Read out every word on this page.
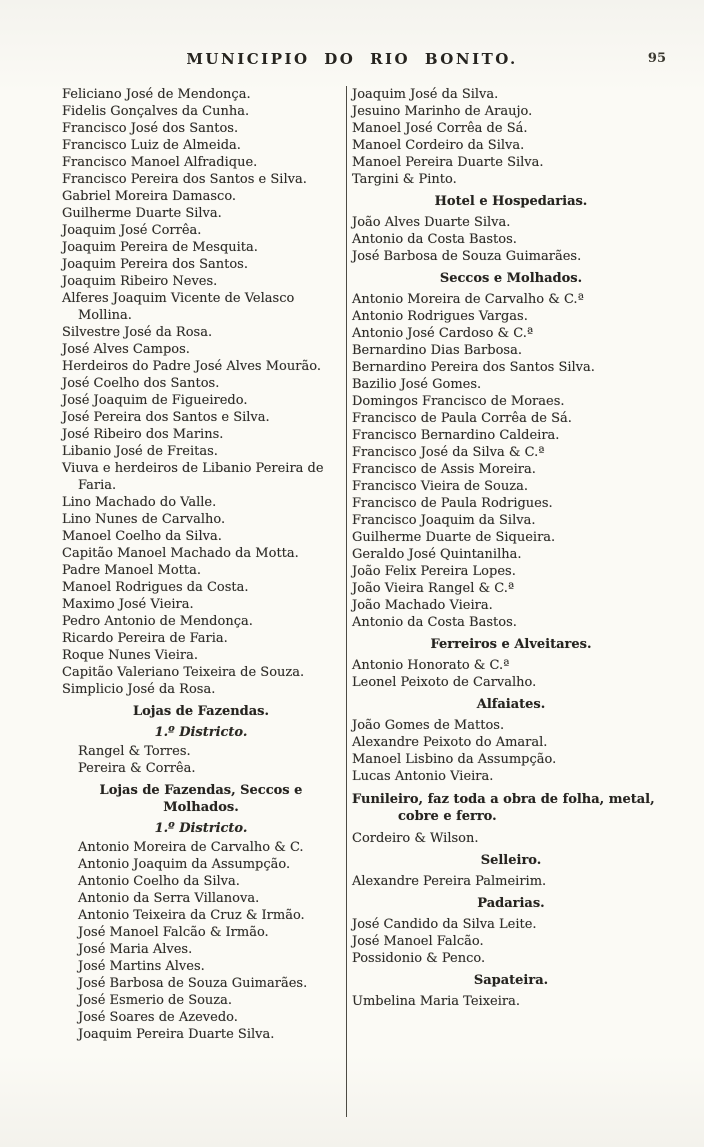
MUNICIPIO DO RIO BONITO.	95
Feliciano José de Mendonça.
Fidelis Gonçalves da Cunha.
Francisco José dos Santos.
Francisco Luiz de Almeida.
Francisco Manoel Alfradique.
Francisco Pereira dos Santos e Silva.
Gabriel Moreira Damasco.
Guilherme Duarte Silva.
Joaquim José Corrêa.
Joaquim Pereira de Mesquita.
Joaquim Pereira dos Santos.
Joaquim Ribeiro Neves.
Alferes Joaquim Vicente de Velasco Mollina.
Silvestre José da Rosa.
José Alves Campos.
Herdeiros do Padre José Alves Mourão.
José Coelho dos Santos.
José Joaquim de Figueiredo.
José Pereira dos Santos e Silva.
José Ribeiro dos Marins.
Libanio José de Freitas.
Viuva e herdeiros de Libanio Pereira de Faria.
Lino Machado do Valle.
Lino Nunes de Carvalho.
Manoel Coelho da Silva.
Capitão Manoel Machado da Motta.
Padre Manoel Motta.
Manoel Rodrigues da Costa.
Maximo José Vieira.
Pedro Antonio de Mendonça.
Ricardo Pereira de Faria.
Roque Nunes Vieira.
Capitão Valeriano Teixeira de Souza.
Simplicio José da Rosa.
Lojas de Fazendas.
1.º Districto.
Rangel & Torres.
Pereira & Corrêa.
Lojas de Fazendas, Seccos e Molhados.
1.º Districto.
Antonio Moreira de Carvalho & C.
Antonio Joaquim da Assumpção.
Antonio Coelho da Silva.
Antonio da Serra Villanova.
Antonio Teixeira da Cruz & Irmão.
José Manoel Falcão & Irmão.
José Maria Alves.
José Martins Alves.
José Barbosa de Souza Guimarães.
José Esmerio de Souza.
José Soares de Azevedo.
Joaquim Pereira Duarte Silva.
Joaquim José da Silva.
Jesuino Marinho de Araujo.
Manoel José Corrêa de Sá.
Manoel Cordeiro da Silva.
Manoel Pereira Duarte Silva.
Targini & Pinto.
Hotel e Hospedarias.
João Alves Duarte Silva.
Antonio da Costa Bastos.
José Barbosa de Souza Guimarães.
Seccos e Molhados.
Antonio Moreira de Carvalho & C.ª
Antonio Rodrigues Vargas.
Antonio José Cardoso & C.ª
Bernardino Dias Barbosa.
Bernardino Pereira dos Santos Silva.
Bazilio José Gomes.
Domingos Francisco de Moraes.
Francisco de Paula Corrêa de Sá.
Francisco Bernardino Caldeira.
Francisco José da Silva & C.ª
Francisco de Assis Moreira.
Francisco Vieira de Souza.
Francisco de Paula Rodrigues.
Francisco Joaquim da Silva.
Guilherme Duarte de Siqueira.
Geraldo José Quintanilha.
João Felix Pereira Lopes.
João Vieira Rangel & C.ª
João Machado Vieira.
Antonio da Costa Bastos.
Ferreiros e Alveitares.
Antonio Honorato & C.ª
Leonel Peixoto de Carvalho.
Alfaiates.
João Gomes de Mattos.
Alexandre Peixoto do Amaral.
Manoel Lisbino da Assumpção.
Lucas Antonio Vieira.
Funileiro, faz toda a obra de folha, metal, cobre e ferro.
Cordeiro & Wilson.
Selleiro.
Alexandre Pereira Palmeirim.
Padarias.
José Candido da Silva Leite.
José Manoel Falcão.
Possidonio & Penco.
Sapateira.
Umbelina Maria Teixeira.
